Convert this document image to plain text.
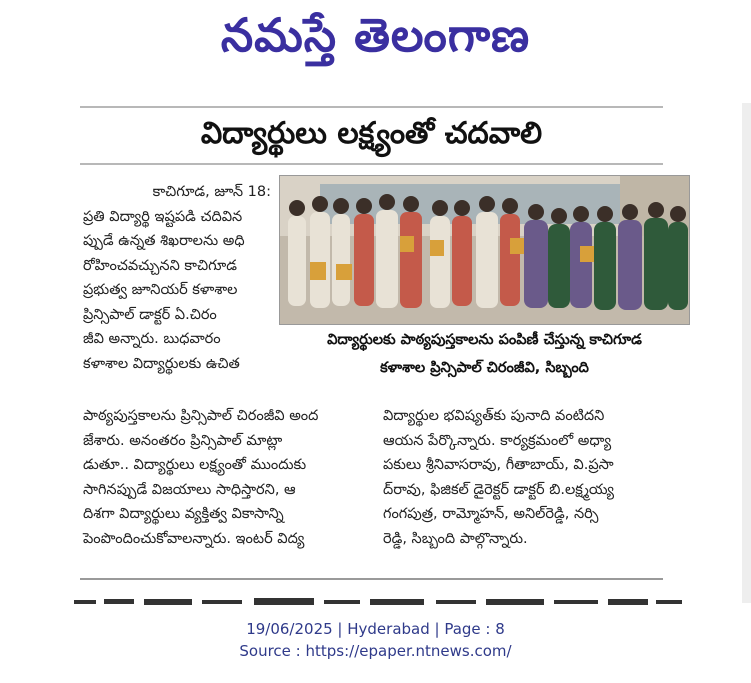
నమస్తే తెలంగాణ
విద్యార్థులు లక్ష్యంతో చదవాలి
కాచిగూడ, జూన్ 18:
ప్రతి విద్యార్థి ఇష్టపడి చదివిన
ప్పుడే ఉన్నత శిఖరాలను అధి
రోహించవచ్చునని కాచిగూడ
ప్రభుత్వ జూనియర్ కళాశాల
ప్రిన్సిపాల్ డాక్టర్ ఏ.చిరం
జీవి అన్నారు. బుధవారం
కళాశాల విద్యార్థులకు ఉచిత
విద్యార్థులకు పాఠ్యపుస్తకాలను పంపిణీ చేస్తున్న కాచిగూడ
కళాశాల ప్రిన్సిపాల్ చిరంజీవి, సిబ్బంది
పాఠ్యపుస్తకాలను ప్రిన్సిపాల్ చిరంజీవి అంద
జేశారు. అనంతరం ప్రిన్సిపాల్ మాట్లా
డుతూ.. విద్యార్థులు లక్ష్యంతో ముందుకు
సాగినప్పుడే విజయాలు సాధిస్తారని, ఆ
దిశగా విద్యార్థులు వ్యక్తిత్వ వికాసాన్ని
పెంపొందించుకోవాలన్నారు. ఇంటర్ విద్య
విద్యార్థుల భవిష్యత్‌కు పునాది వంటిదని
ఆయన పేర్కొన్నారు. కార్యక్రమంలో అధ్యా
పకులు శ్రీనివాసరావు, గీతాబాయ్, వి.ప్రసా
ద్‌రావు, ఫిజికల్ డైరెక్టర్ డాక్టర్ బి.లక్ష్మయ్య
గంగపుత్ర, రామ్మోహన్, అనిల్‌రెడ్డి, నర్సి
రెడ్డి, సిబ్బంది పాల్గొన్నారు.
19/06/2025 | Hyderabad | Page : 8
Source : https://epaper.ntnews.com/
